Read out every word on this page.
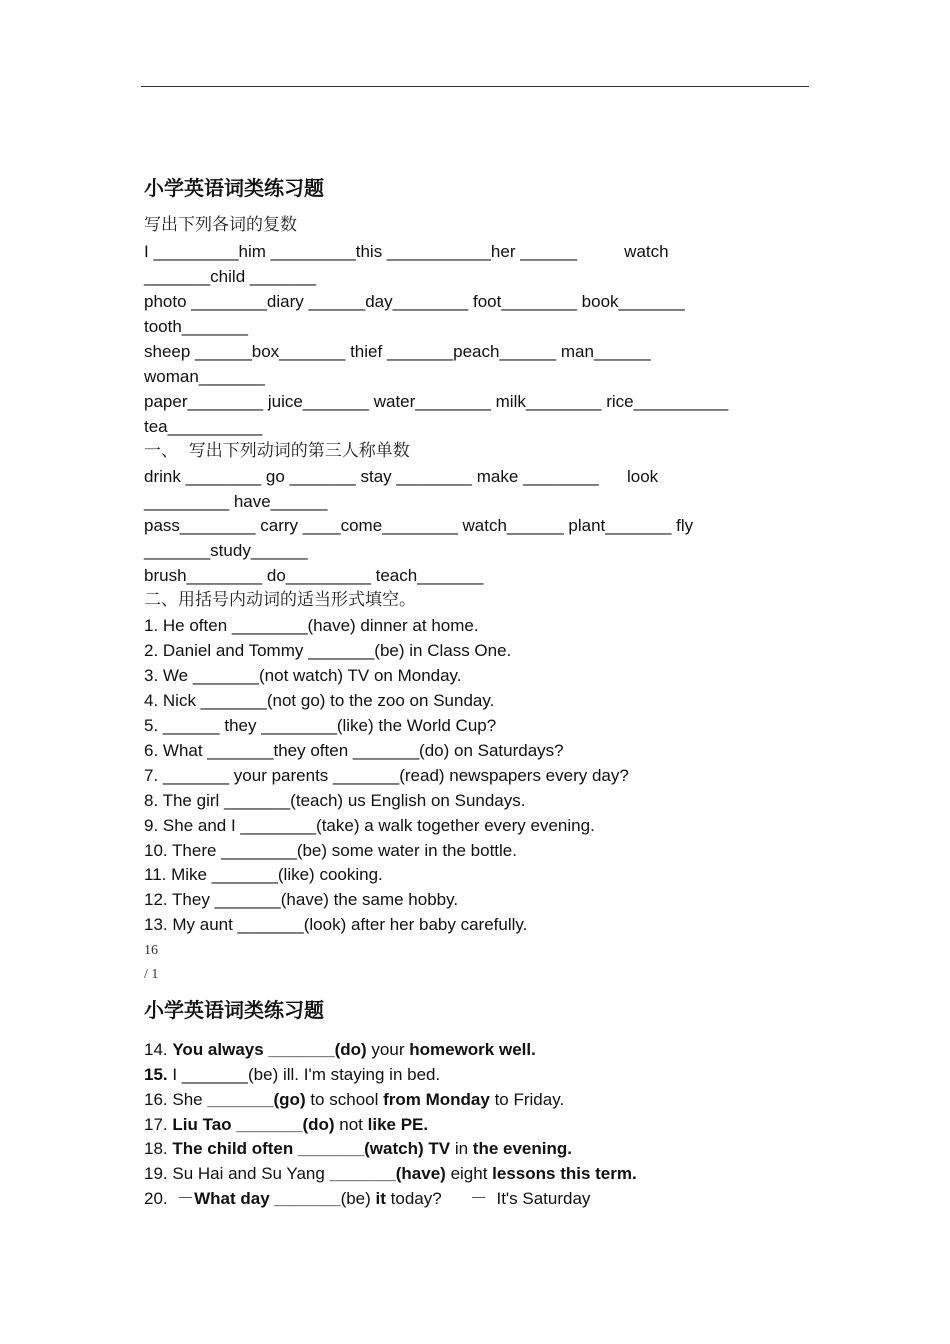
小学英语词类练习题
写出下列各词的复数
I _________him _________this ___________her ______          watch
_______child _______
photo ________diary ______day________ foot________ book_______
tooth_______
sheep ______box_______ thief _______peach______ man______
woman_______
paper________ juice_______ water________ milk________ rice__________
tea__________
一、  写出下列动词的第三人称单数
drink ________ go _______ stay ________ make ________      look
_________ have______
pass________ carry ____come________ watch______ plant_______ fly
_______study______
brush________ do_________ teach_______
二、用括号内动词的适当形式填空。
1. He often ________(have) dinner at home.
2. Daniel and Tommy _______(be) in Class One.
3. We _______(not watch) TV on Monday.
4. Nick _______(not go) to the zoo on Sunday.
5. ______ they ________(like) the World Cup?
6. What _______they often _______(do) on Saturdays?
7. _______ your parents _______(read) newspapers every day?
8. The girl _______(teach) us English on Sundays.
9. She and I ________(take) a walk together every evening.
10. There ________(be) some water in the bottle.
11. Mike _______(like) cooking.
12. They _______(have) the same hobby.
13. My aunt _______(look) after her baby carefully.
16
/ 1
小学英语词类练习题
14. You always _______(do) your homework well.
15. I _______(be) ill. I'm staying in bed.
16. She _______(go) to school from Monday to Friday.
17. Liu Tao _______(do) not like PE.
18. The child often _______(watch) TV in the evening.
19. Su Hai and Su Yang _______(have) eight lessons this term.
20.  －What day _______(be) it today?      －  It's Saturday
